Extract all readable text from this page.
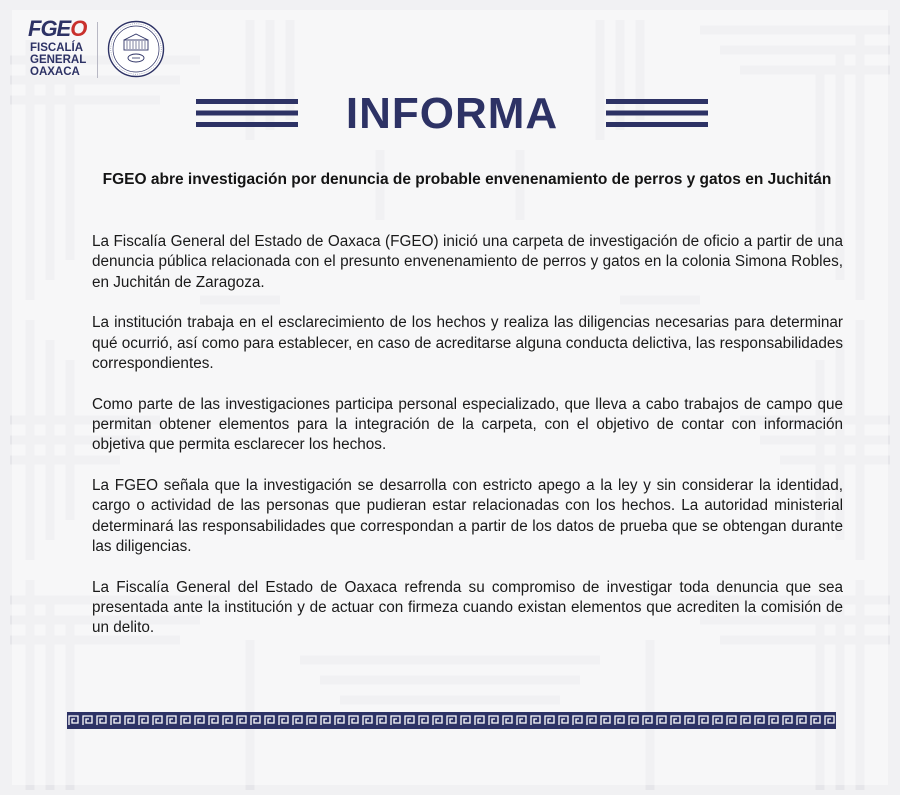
FGEO
FISCALÍA
GENERAL
OAXACA
INFORMA
FGEO abre investigación por denuncia de probable envenenamiento de perros y gatos en Juchitán

La Fiscalía General del Estado de Oaxaca (FGEO) inició una carpeta de investigación de oficio a partir de una denuncia pública relacionada con el presunto envenenamiento de perros y gatos en la colonia Simona Robles, en Juchitán de Zaragoza.

La institución trabaja en el esclarecimiento de los hechos y realiza las diligencias necesarias para determinar qué ocurrió, así como para establecer, en caso de acreditarse alguna conducta delictiva, las responsabilidades correspondientes.

Como parte de las investigaciones participa personal especializado, que lleva a cabo trabajos de campo que permitan obtener elementos para la integración de la carpeta, con el objetivo de contar con información objetiva que permita esclarecer los hechos.

La FGEO señala que la investigación se desarrolla con estricto apego a la ley y sin considerar la identidad, cargo o actividad de las personas que pudieran estar relacionadas con los hechos. La autoridad ministerial determinará las responsabilidades que correspondan a partir de los datos de prueba que se obtengan durante las diligencias.

La Fiscalía General del Estado de Oaxaca refrenda su compromiso de investigar toda denuncia que sea presentada ante la institución y de actuar con firmeza cuando existan elementos que acrediten la comisión de un delito.
